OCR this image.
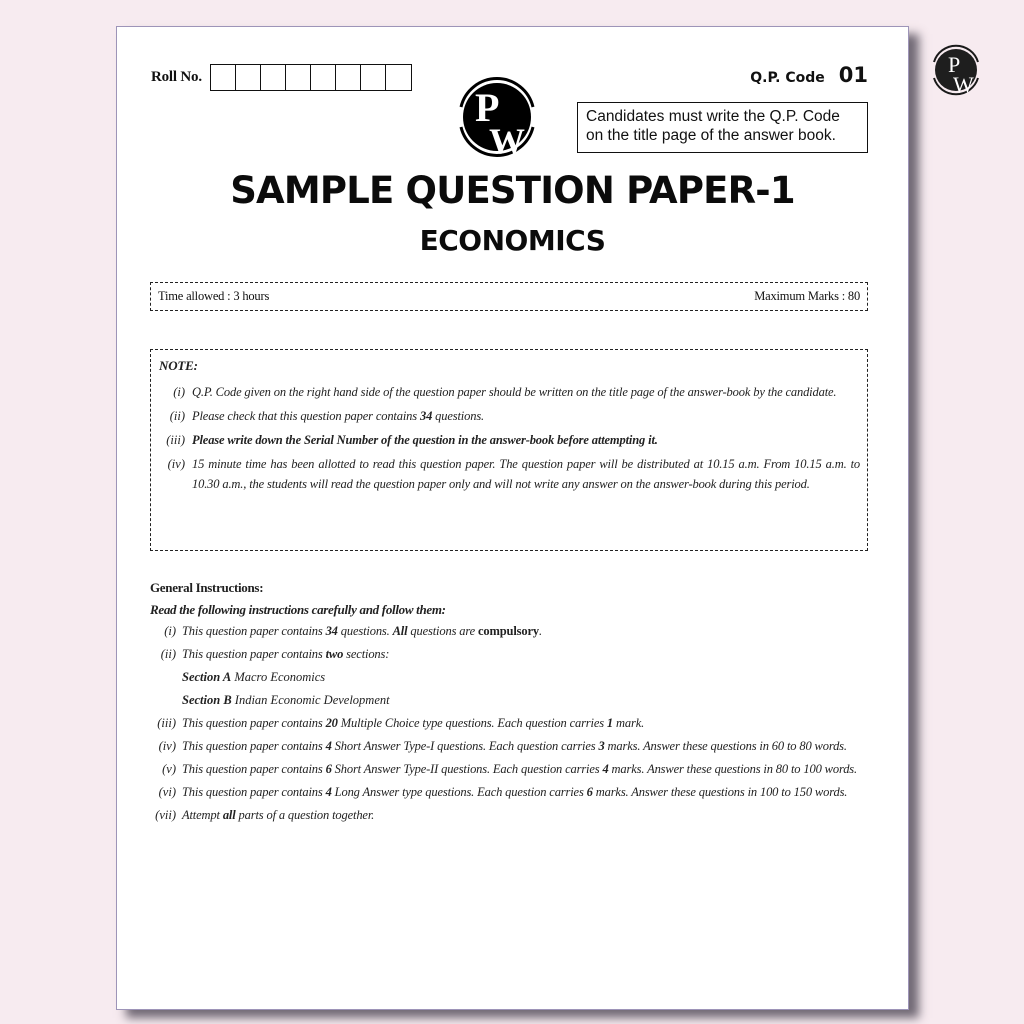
P
W
Roll No.
P
W
Q.P. Code 01
Candidates must write the Q.P. Code
on the title page of the answer book.
SAMPLE QUESTION PAPER-1
ECONOMICS
Time allowed : 3 hours	Maximum Marks : 80
NOTE:
(i) Q.P. Code given on the right hand side of the question paper should be written on the title page of the answer-book by the candidate.
(ii) Please check that this question paper contains 34 questions.
(iii) Please write down the Serial Number of the question in the answer-book before attempting it.
(iv) 15 minute time has been allotted to read this question paper. The question paper will be distributed at 10.15 a.m. From 10.15 a.m. to 10.30 a.m., the students will read the question paper only and will not write any answer on the answer-book during this period.
General Instructions:
Read the following instructions carefully and follow them:
(i) This question paper contains 34 questions. All questions are compulsory.
(ii) This question paper contains two sections:
Section A Macro Economics
Section B Indian Economic Development
(iii) This question paper contains 20 Multiple Choice type questions. Each question carries 1 mark.
(iv) This question paper contains 4 Short Answer Type-I questions. Each question carries 3 marks. Answer these questions in 60 to 80 words.
(v) This question paper contains 6 Short Answer Type-II questions. Each question carries 4 marks. Answer these questions in 80 to 100 words.
(vi) This question paper contains 4 Long Answer type questions. Each question carries 6 marks. Answer these questions in 100 to 150 words.
(vii) Attempt all parts of a question together.
